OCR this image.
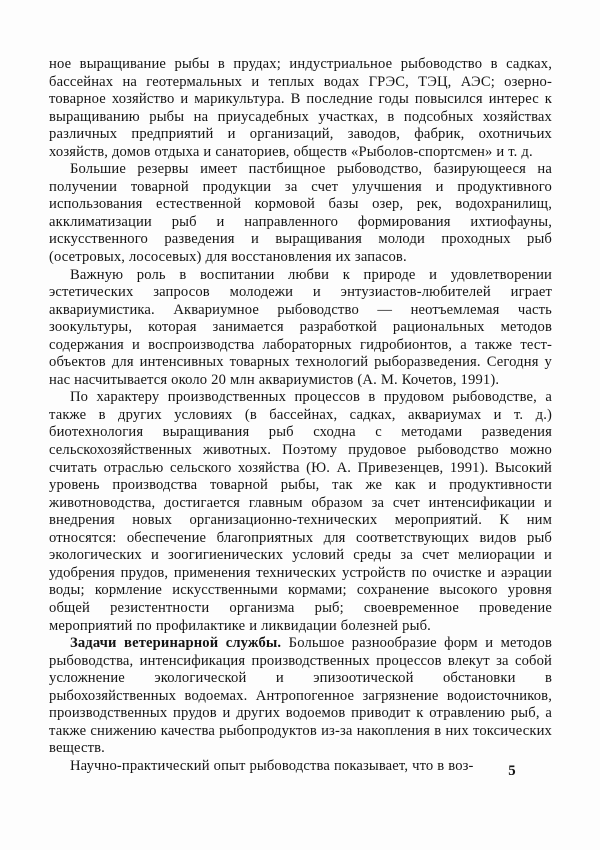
ное выращивание рыбы в прудах; индустриальное рыбоводство в садках, бассейнах на геотермальных и теплых водах ГРЭС, ТЭЦ, АЭС; озерно-товарное хозяйство и марикультура. В последние годы повысился интерес к выращиванию рыбы на приусадебных участках, в подсобных хозяйствах различных предприятий и организаций, заводов, фабрик, охотничьих хозяйств, домов отдыха и санаториев, обществ «Рыболов-спортсмен» и т. д.

Большие резервы имеет пастбищное рыбоводство, базирующееся на получении товарной продукции за счет улучшения и продуктивного использования естественной кормовой базы озер, рек, водохранилищ, акклиматизации рыб и направленного формирования ихтиофауны, искусственного разведения и выращивания молоди проходных рыб (осетровых, лососевых) для восстановления их запасов.

Важную роль в воспитании любви к природе и удовлетворении эстетических запросов молодежи и энтузиастов-любителей играет аквариумистика. Аквариумное рыбоводство — неотъемлемая часть зоокультуры, которая занимается разработкой рациональных методов содержания и воспроизводства лабораторных гидробионтов, а также тест-объектов для интенсивных товарных технологий рыборазведения. Сегодня у нас насчитывается около 20 млн аквариумистов (А. М. Кочетов, 1991).

По характеру производственных процессов в прудовом рыбоводстве, а также в других условиях (в бассейнах, садках, аквариумах и т. д.) биотехнология выращивания рыб сходна с методами разведения сельскохозяйственных животных. Поэтому прудовое рыбоводство можно считать отраслью сельского хозяйства (Ю. А. Привезенцев, 1991). Высокий уровень производства товарной рыбы, так же как и продуктивности животноводства, достигается главным образом за счет интенсификации и внедрения новых организационно-технических мероприятий. К ним относятся: обеспечение благоприятных для соответствующих видов рыб экологических и зоогигиенических условий среды за счет мелиорации и удобрения прудов, применения технических устройств по очистке и аэрации воды; кормление искусственными кормами; сохранение высокого уровня общей резистентности организма рыб; своевременное проведение мероприятий по профилактике и ликвидации болезней рыб.

Задачи ветеринарной службы. Большое разнообразие форм и методов рыбоводства, интенсификация производственных процессов влекут за собой усложнение экологической и эпизоотической обстановки в рыбохозяйственных водоемах. Антропогенное загрязнение водоисточников, производственных прудов и других водоемов приводит к отравлению рыб, а также снижению качества рыбопродуктов из-за накопления в них токсических веществ.

Научно-практический опыт рыбоводства показывает, что в воз-	5
